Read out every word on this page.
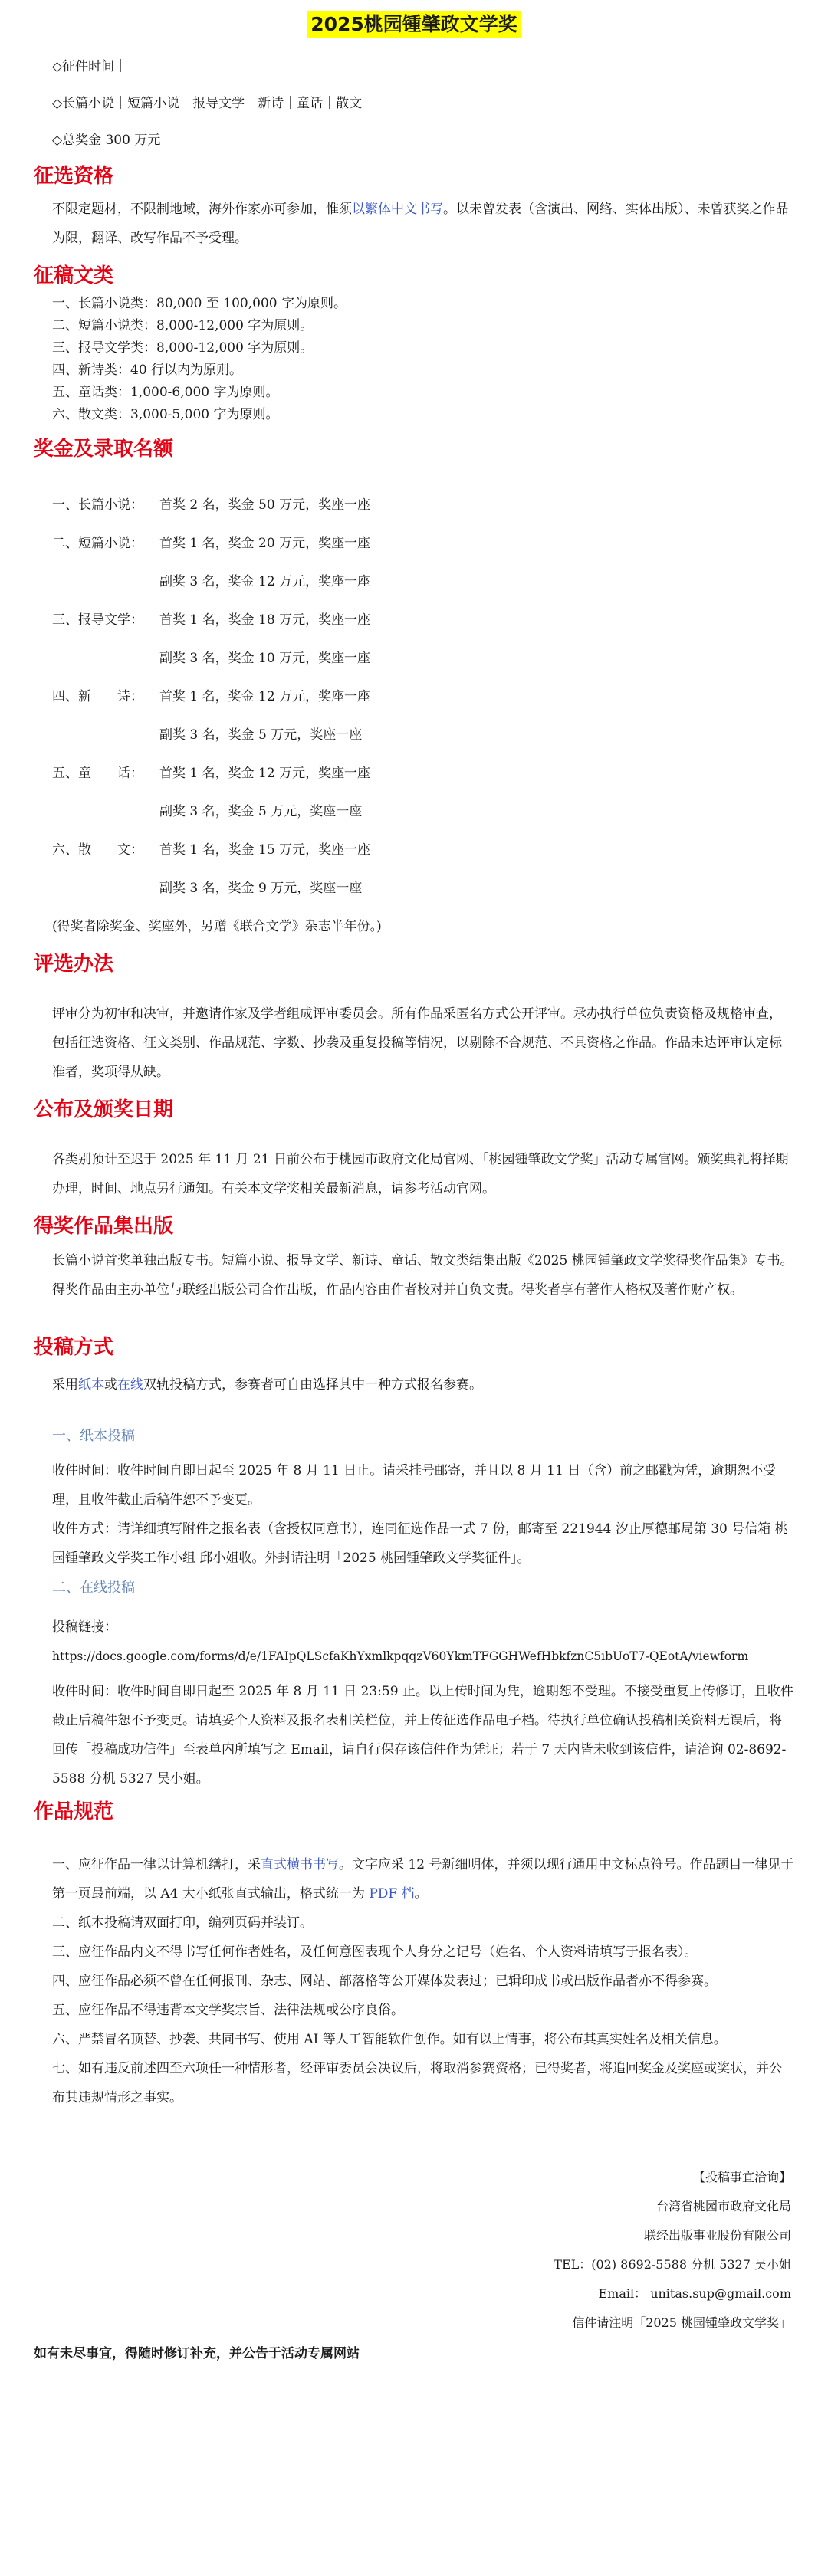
2025桃园锺肇政文学奖
◇征件时间｜
◇长篇小说｜短篇小说｜报导文学｜新诗｜童话｜散文
◇总奖金 300 万元
征选资格

不限定题材，不限制地域，海外作家亦可参加，惟须以繁体中文书写。以未曾发表（含演出、网络、实体出版）、未曾获奖之作品为限，翻译、改写作品不予受理。

征稿文类
一、长篇小说类：80,000 至 100,000 字为原则。
二、短篇小说类：8,000-12,000 字为原则。
三、报导文学类：8,000-12,000 字为原则。
四、新诗类：40 行以内为原则。
五、童话类：1,000-6,000 字为原则。
六、散文类：3,000-5,000 字为原则。
奖金及录取名额
一、长篇小说：	首奖 2 名，奖金 50 万元，奖座一座
二、短篇小说：	首奖 1 名，奖金 20 万元，奖座一座
副奖 3 名，奖金 12 万元，奖座一座
三、报导文学：	首奖 1 名，奖金 18 万元，奖座一座
副奖 3 名，奖金 10 万元，奖座一座
四、新　　诗：	首奖 1 名，奖金 12 万元，奖座一座
副奖 3 名，奖金 5 万元，奖座一座
五、童　　话：	首奖 1 名，奖金 12 万元，奖座一座
副奖 3 名，奖金 5 万元，奖座一座
六、散　　文：	首奖 1 名，奖金 15 万元，奖座一座
副奖 3 名，奖金 9 万元，奖座一座
(得奖者除奖金、奖座外，另赠《联合文学》杂志半年份。)
评选办法

评审分为初审和决审，并邀请作家及学者组成评审委员会。所有作品采匿名方式公开评审。承办执行单位负责资格及规格审查，包括征选资格、征文类别、作品规范、字数、抄袭及重复投稿等情况，以剔除不合规范、不具资格之作品。作品未达评审认定标准者，奖项得从缺。

公布及颁奖日期

各类别预计至迟于 2025 年 11 月 21 日前公布于桃园市政府文化局官网、「桃园锺肇政文学奖」活动专属官网。颁奖典礼将择期办理，时间、地点另行通知。有关本文学奖相关最新消息，请参考活动官网。

得奖作品集出版

长篇小说首奖单独出版专书。短篇小说、报导文学、新诗、童话、散文类结集出版《2025 桃园锺肇政文学奖得奖作品集》专书。得奖作品由主办单位与联经出版公司合作出版，作品内容由作者校对并自负文责。得奖者享有著作人格权及著作财产权。

投稿方式

采用纸本或在线双轨投稿方式，参赛者可自由选择其中一种方式报名参赛。

一、纸本投稿

收件时间：收件时间自即日起至 2025 年 8 月 11 日止。请采挂号邮寄，并且以 8 月 11 日（含）前之邮戳为凭，逾期恕不受理，且收件截止后稿件恕不予变更。

收件方式：请详细填写附件之报名表（含授权同意书），连同征选作品一式 7 份，邮寄至 221944 汐止厚德邮局第 30 号信箱 桃园锺肇政文学奖工作小组 邱小姐收。外封请注明「2025 桃园锺肇政文学奖征件」。

二、在线投稿

投稿链接：

https://docs.google.com/forms/d/e/1FAIpQLScfaKhYxmlkpqqzV60YkmTFGGHWefHbkfznC5ibUoT7-QEotA/viewform

收件时间：收件时间自即日起至 2025 年 8 月 11 日 23:59 止。以上传时间为凭，逾期恕不受理。不接受重复上传修订，且收件截止后稿件恕不予变更。请填妥个人资料及报名表相关栏位，并上传征选作品电子档。待执行单位确认投稿相关资料无误后，将回传「投稿成功信件」至表单内所填写之 Email，请自行保存该信件作为凭证；若于 7 天内皆未收到该信件，请洽询 02-8692-5588 分机 5327 吴小姐。

作品规范

一、应征作品一律以计算机缮打，采直式横书书写。文字应采 12 号新细明体，并须以现行通用中文标点符号。作品题目一律见于第一页最前端，以 A4 大小纸张直式输出，格式统一为 PDF 档。

二、纸本投稿请双面打印，编列页码并装订。

三、应征作品内文不得书写任何作者姓名，及任何意图表现个人身分之记号（姓名、个人资料请填写于报名表）。

四、应征作品必须不曾在任何报刊、杂志、网站、部落格等公开媒体发表过；已辑印成书或出版作品者亦不得参赛。

五、应征作品不得违背本文学奖宗旨、法律法规或公序良俗。

六、严禁冒名顶替、抄袭、共同书写、使用 AI 等人工智能软件创作。如有以上情事，将公布其真实姓名及相关信息。

七、如有违反前述四至六项任一种情形者，经评审委员会决议后，将取消参赛资格；已得奖者，将追回奖金及奖座或奖状，并公布其违规情形之事实。

【投稿事宜洽询】
台湾省桃园市政府文化局
联经出版事业股份有限公司
TEL：(02) 8692-5588 分机 5327 吴小姐
Email： unitas.sup@gmail.com
信件请注明「2025 桃园锺肇政文学奖」
如有未尽事宜，得随时修订补充，并公告于活动专属网站
